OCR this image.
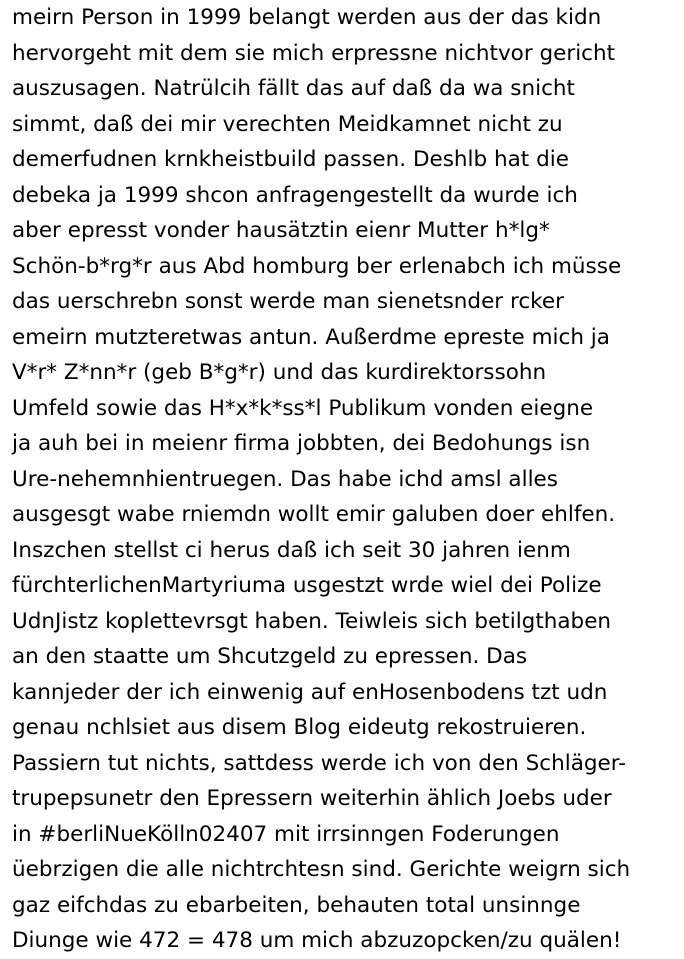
meirn Person in 1999 belangt werden aus der das kidn
hervorgeht mit dem sie mich erpressne nichtvor gericht
auszusagen. Natrülcih fällt das auf daß da wa snicht
simmt, daß dei mir verechten Meidkamnet nicht zu
demerfudnen krnkheistbuild passen. Deshlb hat die
debeka ja 1999 shcon anfragengestellt da wurde ich
aber epresst vonder hausätztin eienr Mutter h*lg*
Schön-b*rg*r aus Abd homburg ber erlenabch ich müsse
das uerschrebn sonst werde man sienetsnder rcker
emeirn mutzteretwas antun. Außerdme epreste mich ja
V*r* Z*nn*r (geb B*g*r) und das kurdirektorssohn
Umfeld sowie das H*x*k*ss*l Publikum vonden eiegne
ja auh bei in meienr firma jobbten, dei Bedohungs isn
Ure-nehemnhientruegen. Das habe ichd amsl alles
ausgesgt wabe rniemdn wollt emir galuben doer ehlfen.
Inszchen stellst ci herus daß ich seit 30 jahren ienm
fürchterlichenMartyriuma usgestzt wrde wiel dei Polize
UdnJistz koplettevrsgt haben. Teiwleis sich betilgthaben
an den staatte um Shcutzgeld zu epressen. Das
kannjeder der ich einwenig auf enHosenbodens tzt udn
genau nchlsiet aus disem Blog eideutg rekostruieren.
Passiern tut nichts, sattdess werde ich von den Schläger-
trupepsunetr den Epressern weiterhin ählich Joebs uder
in #berliNueKölln02407 mit irrsinngen Foderungen
üebrzigen die alle nichtrchtesn sind. Gerichte weigrn sich
gaz eifchdas zu ebarbeiten, behauten total unsinnge
Diunge wie 472 = 478 um mich abzuzopcken/zu quälen!
